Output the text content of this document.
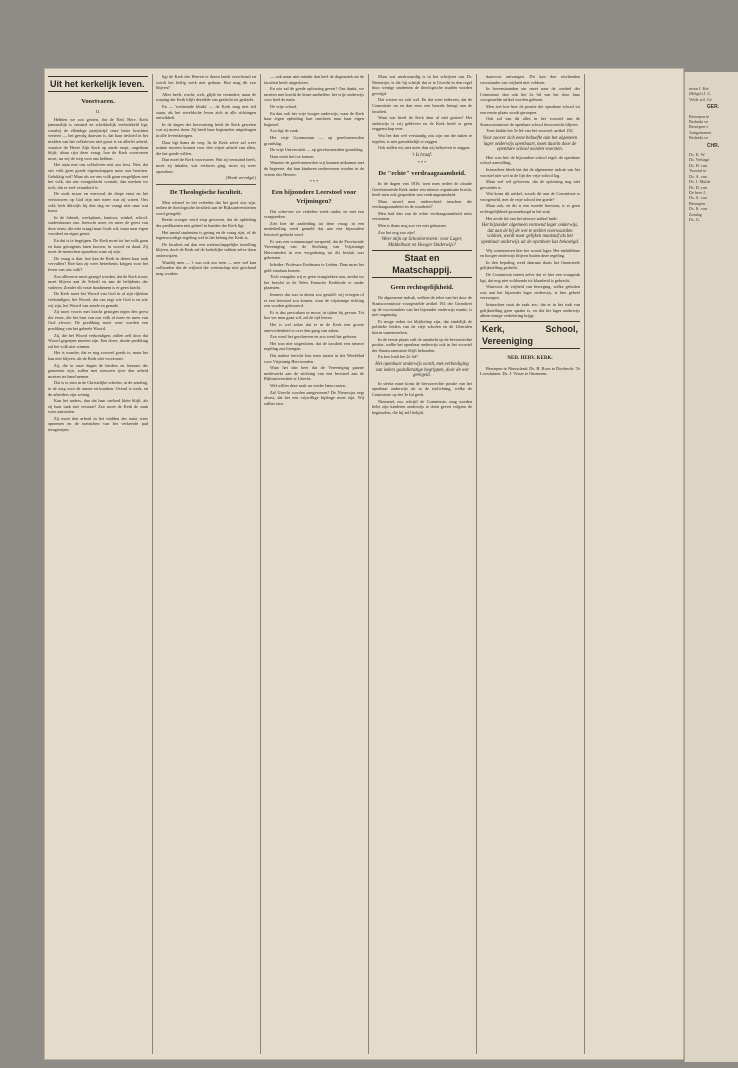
Uit het kerkelijk leven.
Voortvaren.
II.

Hebben we zoo gezien, dat de Ned. Herv. Kerk jammerlijk is ontaard en schrikkelijk verbrokkeld ligt, waarbij de ellendige partijstrijd onze beste krachten verteert — het gevolg daarvan is, dat haar invloed in het midden van het volksleven niet groot is en allerlei arbeid, waartoe de Heere Zijn Kerk op aarde roept, ongedaan blijft; alsnu rijst deze vraag: hoe de Kerk voortvaren moet, nu wij de weg voor ons hebben.

Het staat met ons volksleven niet zoo best. Niet, dat ons volk geen goede eigenschappen meer zou bezitten. Gelukkig wel! Maar als we ons volk gaan vergelijken met het volk, dat ons voorgeslacht vormde, dan merken we toch, dat er veel veranderd is.

De oude trouw en eenvoud, de diepe ernst en het vertrouwen op God zijn niet meer wat zij waren. Ons volk leeft dikwijls bij den dag en vraagt niet naar wat komt.

In de fabriek, werkplaats, kantoor, winkel, school, studeerkamer enz. heerscht meer en meer de geest van deze eeuw, die niet vraagt naar Gods wil, maar naar eigen voordeel en eigen genot.

En dat is te begrijpen. De Kerk moet tot het volk gaan en haar getuigenis laten hooren, in woord en daad. Zij moet de menschen opzoeken waar zij zijn.

De vraag is dan: hoe kan de Kerk in dezen haar taak vervullen? Hoe kan zij weer beteekenis krijgen voor het leven van ons volk?

Zoo allereerst moet gezegd worden, dat de Kerk trouw moet blijven aan de Schrift en aan de belijdenis der vaderen. Zonder dit vaste fundament is er geen kracht.

De Kerk moet het Woord van God in al zijn rijkdom verkondigen, het Woord, dat ons zegt wie God is en wie wij zijn, het Woord van zonde en genade.

Zij moet voorts met kracht getuigen tegen den geest der eeuw, die het hart van ons volk al meer en meer van God afvoert. De prediking moet weer worden een prediking van het geheele Woord.

Zij, die het Woord verkondigen, zullen zelf door dat Woord gegrepen moeten zijn. Een dorre, doode prediking zal het volk niet winnen.

Het is wonder, dat er nog zooveel goeds is; maar het kan niet blijven, als de Kerk niet voortvaart.

Zij, die in onze dagen de herders en leeraars der gemeente zijn, zullen met nieuwen ijver den arbeid moeten ter hand nemen.

Dat is te zien in de Christelijke scholen, in de zending, in de zorg voor de armen en kranken. Overal is werk, en de arbeiders zijn weinig.

Kan het anders, dan dat haar invloed klein blijft, als zij haar taak niet verstaat? Zoo moet de Kerk de zaak weer aanvatten.

Zij moet den arbeid in het midden der natie weer opnemen en de menschen van het verkeerde pad terugroepen.

ligt de Kerk des Heeren te dezen lande verscheurd en wordt het heilig werk niet gedaan. Hoe mag dit zoo blijven?

Alles heeft, wacht, welt, glijdt en verandert; maar de roeping der Kerk blijft dezelfde van geslacht tot geslacht.

En — 'toelatende blinkt' — de Kerk mag niet stil staan, als het wereldsche leven zich in alle richtingen ontwikkelt.

In de dagen der hervorming heeft de Kerk geweten wat zij moest doen. Zij heeft haar beginselen uitgedragen in alle levenskringen.

Daar ligt thans de weg. In de Kerk zelve zal weer ruimte moeten komen voor den vrijen arbeid van allen, die het goede willen.

Dan moet de Kerk voortvaren. Wat zij verzuimd heeft, moet zij inhalen; wat verloren ging, moet zij weer opzoeken.

(Wordt vervolgd.)
De Theologische faculteit.

Men schreef in het verleden dat het goed zou zijn, indien de theologische faculteit aan de Rijksuniversiteiten werd geregeld.

Reeds vroeger werd erop gewezen, dat de opleiding der predikanten niet geheel in handen der Kerk ligt.

Het aantal studenten is gering en de vraag rijst, of de tegenwoordige regeling wel in het belang der Kerk is.

De faculteit zal dan een wetenschappelijke instelling blijven, doch de Kerk zal de kerkelijke vakken zelve doen onderwijzen.

Waarbij men — 't was ook zoo toen — zeer wel kan volhouden dat de vrijheid der wetenschap niet geschaad mag worden.

— ook maar niet minder dan heel de dogmatiek uit de faculteit heeft uitgesloten.

En wie zal de goede oplossing geven? Ons dunkt, we moeten met kracht de leuze aanheffen: het vrije onderwijs voor heel de natie.

De vrije school.

En dan ook het vrije hooger onderwijs, waar de Kerk haar eigen opleiding kan inrichten naar haar eigen beginsel.

Zoo ligt de zaak.

Het vrije Gymnasium — op gereformeerden grondslag.

De vrije Universiteit — op gereformeerden grondslag.

Daar moet het toe komen.

Waartoe de gereformeerden vrij kunnen uitkomen met de begeerte, dat hun kinderen onderwezen worden in de vreeze des Heeren.

* * *
Een bijzondere Leerstoel voor Vrijmingen?

Dat schreven we verleden week onder, en met een vraagteeken.

Ziet hier de aanleiding tot deze vraag: in een mededeeling werd gemeld dat aan een bijzondere leerstoel gedacht werd.

Er was een communiqué verspreid, dat de Provinciale Vereeniging van de Stichting van Vrijzinnige Hervormden in een vergadering tot dit besluit was gekomen.

Inleider: Professor Eerdmans te Leiden. Daar moet het geld vandaan komen.

Toch vraagden wij er geen vraagteeken aan, omdat we het bericht in de Wees Fransche Kerkbode er onder plaatsten.

Immers dat was in dezen zoo gesteld: wij vroegen of er een leerstoel zou komen, waar de vrijzinnige richting zou worden gedoceerd.

Er is dus periculum in mora; in tijden bij gevaar. Tot hoe ver men gaan wil, zal de tijd leeren.

Het is wel zeker dat er in de Kerk een groote ontevredenheid is over den gang van zaken.

Zoo werd het geschreven en zoo werd het gelezen.

Het was niet uitgesloten, dat de faculteit een nieuwe regeling zou brengen.

Dat nadere bericht kon men inzien in het Weekblad voor Vrijzinnig Hervormden.

Waar het dan heet dat de Vereeniging gaarne medewerkt aan de stichting van een leerstoel aan de Rijksuniversiteit te Utrecht.

Wel willen deze zaak nu verder laten rusten.

Zal Utrecht worden aangewezen? De Nieuwsjar zegt alvast, dat het een vrijwillige bijdrage moet zijn. Wij zullen zien.

Maar wat merkwaardig is in het schrijven van Dr. Niemeijer, is dit: hij schrijft dat er te Utrecht in den regel door wenige studenten de theologische studiën worden gevolgd.

Dat wisten we ook wel. En dat weet iedereen, dat de Commissie nu en dan eens een bezoek brengt aan de faculteit.

Want wat heeft de Kerk daar al niet gezien? Het onderwijs is vrij gebleven en de Kerk heeft er geen zeggenschap over.

Wat het dan wel verstandig zou zijn om die zaken te regelen, is niet gemakkelijk te zeggen.

Ook zullen wij niet meer dan wij behoeven te zeggen.

't Is braaf.
* * *
De "echte" verdraagzaamheid.

In de dagen van 1816, toen men sedert de aloude Gereformeerde Kerk onder een nieuwe organisatie bracht, heeft men ook gesproken van verdraagzaamheid.

Maar streed men onderscheid tusschen die verdraagzaamheid en de waarheid?

Men had dan van de echte verdraagzaamheid niets vernomen.

Men is thans nog zoo ver niet gekomen.

Zoo het nog zoo zijn!

Weer mijn op Schoolarresten: voor Lager, Middelbaar en Hooger Onderwijs?
Staat en Maatschappij.
Geen rechtsgelijkheid.

De algemeene indruk, welken de tekst van het door de Staatscommissie voorgestelde artikel 192 der Grondwet op de voorstanders van het bijzonder onderwijs maakt, is niet ongunstig.

Er moge reden tot blijdschap zijn, dat eindelijk de politieke leiders van de vrije scholen en de Liberalen hierin samenwerken.

In de eerste plaats valt de aandacht op de bevoorrechte positie, welke het openbaar onderwijs ook in het voorstel der Staatscommissie blijft behouden.

En hoe luidt het 2e lid?

Het openbaar onderwijs wordt, met eerbiediging van ieders godsdienstige begrippen, door de wet geregeld.

In sterke mate komt de bevoorrechte positie van het openbaar onderwijs uit in de toelichting, welke de Commissie op het 3e lid geeft.

Niemand, zoo schrijft de Commissie, mag worden belet zijn kinderen onderwijs te doen geven volgens de beginselen, die hij zelf belijdt.

daarvoor ontvangen. Dit kan den eischenden voorstander van vrijheid niet voldoen.

In bovenstaanden zin moet naar de oordeel der Commissie dan ook het 2e lid van het door haar voorgestelde artikel worden gelezen.

Men ziet hoe hier de positie der openbare school tot een eerste plaats wordt geroepen.

Ook zal van dit alles in het voorstel aan de Staatscommissie de openbare school bevoorrecht blijven.

Toen luidde het 5e lid van het voorstel: artikel 192.

Voor zoover zich eene behoefte aan het algemeen lager onderwijs openbaart, moet daarin door de openbare school worden voorzien.

Hier was het: de bijzondere school regel, de openbare school aanvulling.

Intusschen bleek het dat de algemeene indruk van het voorstel niet wel in de lijn der vrije school lag.

Maar wel wil gelooven, dat de oplossing nog niet gevonden is.

Wat komt dit artikel, zooals dit aan de Commissie is voorgesteld, met de vrije school ten goede?

Maar ook, en dit is een tweede bezwaar, is er geen rechtsgelijkheid gewaarborgd in het stuk.

Het zesde lid van het nieuwe artikel luidt:

Het bijzonder algemeen vormend lager onderwijs, dat aan de bij de wet te stellen voorwaarden voldoet, wordt naar gelijken maatstaf als het openbaar onderwijs uit de openbare kas bekostigd.

Wij constateeren hier het woord lager. Het middelbaar en hooger onderwijs blijven buiten deze regeling.

In den bepaling werd daaraan thans het financieele gelijkstelling gedacht.

De Commissie meent zelve dat er hier een vraagstuk ligt, dat nog niet voldoende tot klaarheid is gebracht.

Waarvoor de vrijheid van beweging, welke geboden was aan het bijzonder lager onderwijs, is hier geheel verzwegen.

Intusschen staat de zaak zoo, dat er in het stuk van gelijkstelling geen sprake is, en dat het lager onderwijs alleen eenige verbetering krijgt.

Kerk, School, Vereeniging
NED. HERV. KERK.

Beroepen te Nieuwland: Ds. H. Roos te Dordrecht. Te Loosduinen: Ds. J. Visser te Ommeren.

ntsen J. Ket
(België) J. C.
Velde a/d. Ge
GER.
Beroepen te
Bedankt vo
Beroepen v
Aangenomen
Bedankt vo
CHR.
Ds. K. W.
Ds. Verhage
Ds. H. van
Tweetal te
Ds. A. van
Ds. J. Mulde
Ds. D. van
De heer J.
Ds. A. van
Beroepen
Ds. K. van
Zondag
Ds. G.
